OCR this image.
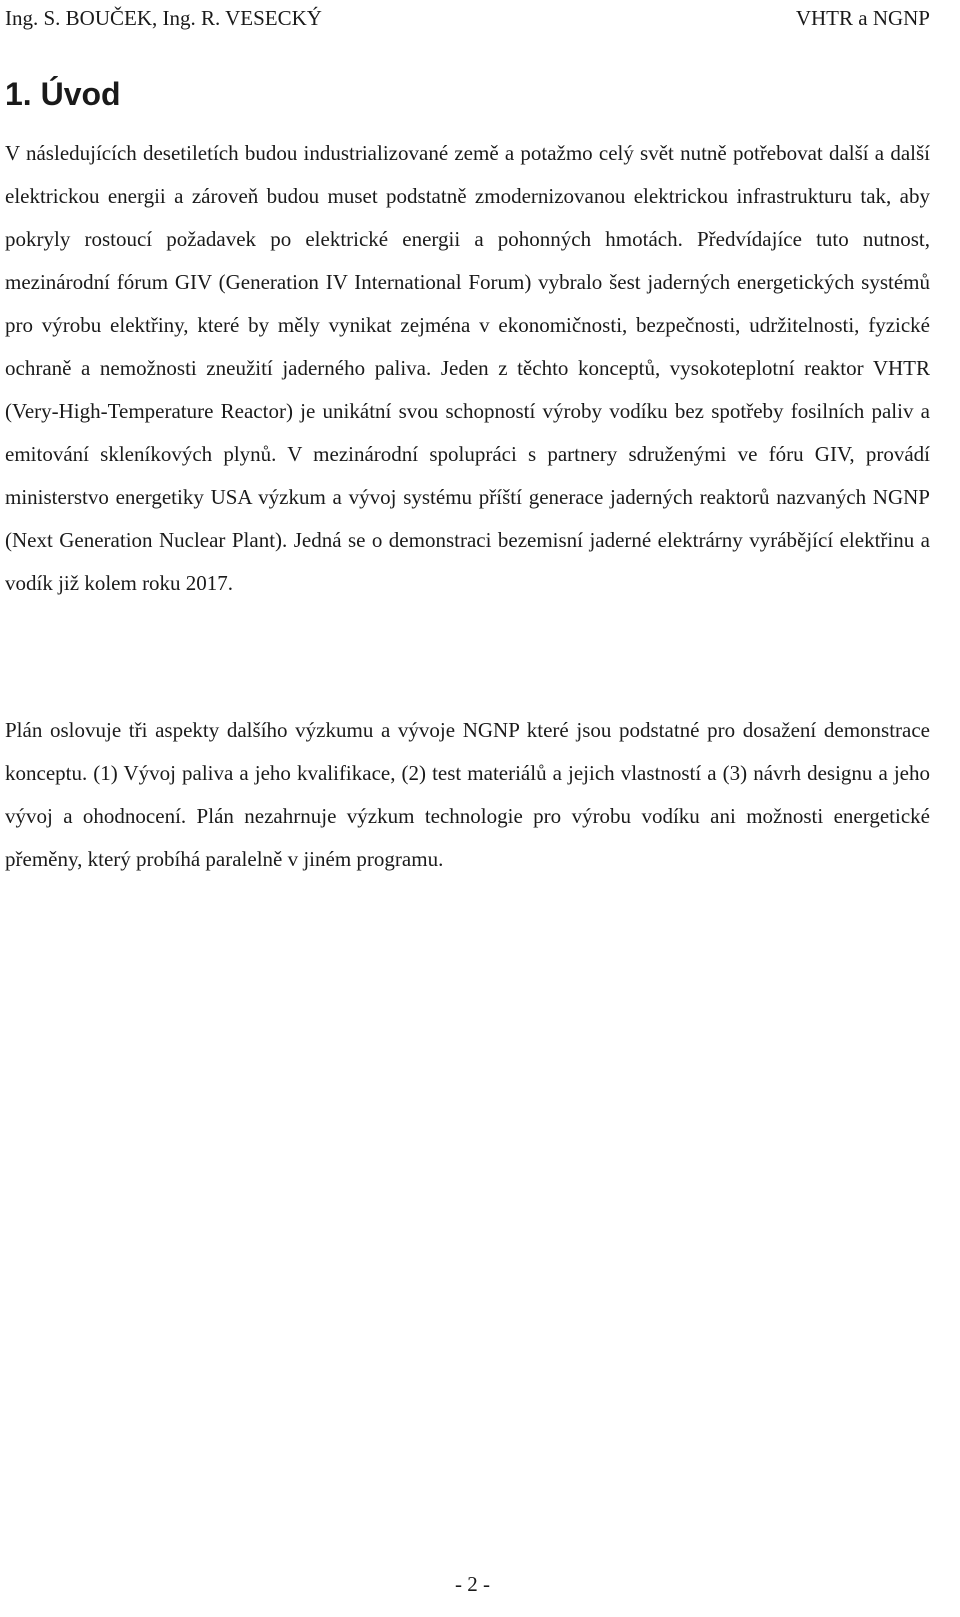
Ing. S. BOUČEK, Ing. R. VESECKÝ	VHTR a NGNP
1. Úvod

V následujících desetiletích budou industrializované země a potažmo celý svět nutně potřebovat další a další elektrickou energii a zároveň budou muset podstatně zmodernizovanou elektrickou infrastrukturu tak, aby pokryly rostoucí požadavek po elektrické energii a pohonných hmotách. Předvídajíce tuto nutnost, mezinárodní fórum GIV (Generation IV International Forum) vybralo šest jaderných energetických systémů pro výrobu elektřiny, které by měly vynikat zejména v ekonomičnosti, bezpečnosti, udržitelnosti, fyzické ochraně a nemožnosti zneužití jaderného paliva. Jeden z těchto konceptů, vysokoteplotní reaktor VHTR (Very-High-Temperature Reactor) je unikátní svou schopností výroby vodíku bez spotřeby fosilních paliv a emitování skleníkových plynů. V mezinárodní spolupráci s partnery sdruženými ve fóru GIV, provádí ministerstvo energetiky USA výzkum a vývoj systému příští generace jaderných reaktorů nazvaných NGNP (Next Generation Nuclear Plant). Jedná se o demonstraci bezemisní jaderné elektrárny vyrábějící elektřinu a vodík již kolem roku 2017.

Plán oslovuje tři aspekty dalšího výzkumu a vývoje NGNP které jsou podstatné pro dosažení demonstrace konceptu. (1) Vývoj paliva a jeho kvalifikace, (2) test materiálů a jejich vlastností a (3) návrh designu a jeho vývoj a ohodnocení. Plán nezahrnuje výzkum technologie pro výrobu vodíku ani možnosti energetické přeměny, který probíhá paralelně v jiném programu.

- 2 -
